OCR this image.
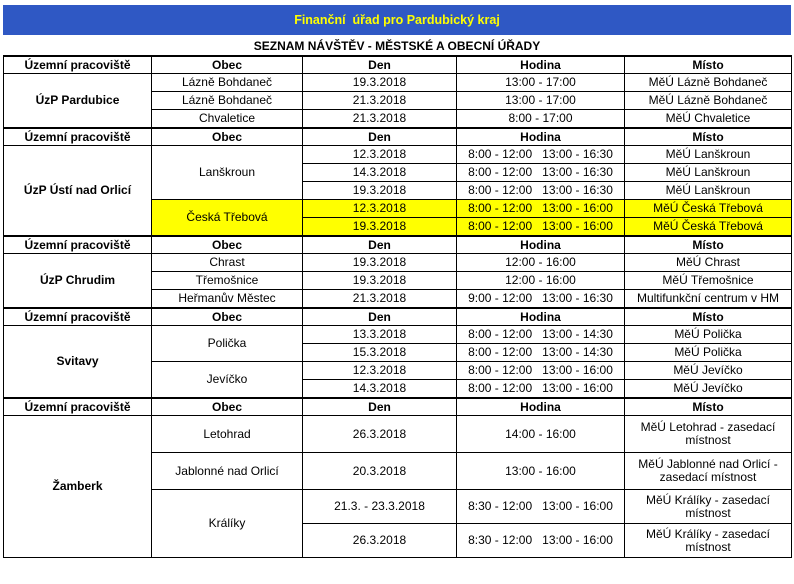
Finanční  úřad pro Pardubický kraj
SEZNAM NÁVŠTĚV - MĚSTSKÉ A OBECNÍ ÚŘADY
Územní pracoviště	Obec	Den	Hodina	Místo
ÚzP Pardubice	Lázně Bohdaneč	19.3.2018	13:00 - 17:00	MěÚ Lázně Bohdaneč
	Lázně Bohdaneč	21.3.2018	13:00 - 17:00	MěÚ Lázně Bohdaneč
	Chvaletice	21.3.2018	8:00 - 17:00	MěÚ Chvaletice
Územní pracoviště	Obec	Den	Hodina	Místo
ÚzP Ústí nad Orlicí	Lanškroun	12.3.2018	8:00 - 12:00   13:00 - 16:30	MěÚ Lanškroun
		14.3.2018	8:00 - 12:00   13:00 - 16:30	MěÚ Lanškroun
		19.3.2018	8:00 - 12:00   13:00 - 16:30	MěÚ Lanškroun
	Česká Třebová	12.3.2018	8:00 - 12:00   13:00 - 16:00	MěÚ Česká Třebová
		19.3.2018	8:00 - 12:00   13:00 - 16:00	MěÚ Česká Třebová
Územní pracoviště	Obec	Den	Hodina	Místo
ÚzP Chrudim	Chrast	19.3.2018	12:00 - 16:00	MěÚ Chrast
	Třemošnice	19.3.2018	12:00 - 16:00	MěÚ Třemošnice
	Heřmanův Městec	21.3.2018	9:00 - 12:00   13:00 - 16:30	Multifunkční centrum v HM
Územní pracoviště	Obec	Den	Hodina	Místo
Svitavy	Polička	13.3.2018	8:00 - 12:00   13:00 - 14:30	MěÚ Polička
		15.3.2018	8:00 - 12:00   13:00 - 14:30	MěÚ Polička
	Jevíčko	12.3.2018	8:00 - 12:00   13:00 - 16:00	MěÚ Jevíčko
		14.3.2018	8:00 - 12:00   13:00 - 16:00	MěÚ Jevíčko
Územní pracoviště	Obec	Den	Hodina	Místo
Žamberk	Letohrad	26.3.2018	14:00 - 16:00	MěÚ Letohrad - zasedací místnost
	Jablonné nad Orlicí	20.3.2018	13:00 - 16:00	MěÚ Jablonné nad Orlicí - zasedací místnost
	Králíky	21.3. - 23.3.2018	8:30 - 12:00   13:00 - 16:00	MěÚ Králíky - zasedací místnost
		26.3.2018	8:30 - 12:00   13:00 - 16:00	MěÚ Králíky - zasedací místnost
